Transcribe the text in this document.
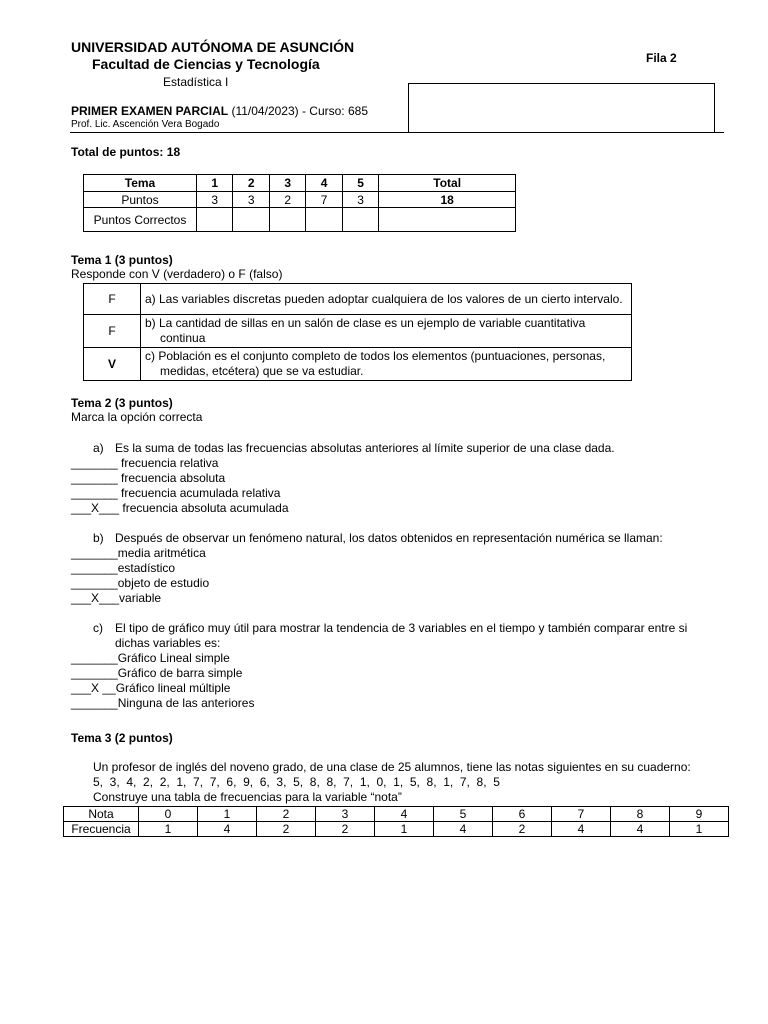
UNIVERSIDAD AUTÓNOMA DE ASUNCIÓN
Facultad de Ciencias y Tecnología
Estadística I
Fila 2
PRIMER EXAMEN PARCIAL (11/04/2023) - Curso: 685
Prof. Lic. Ascención Vera Bogado
Total de puntos: 18
Tema	1	2	3	4	5	Total
Puntos	3	3	2	7	3	18
Puntos Correctos						
Tema 1 (3 puntos)
Responde con V (verdadero) o F (falso)
F	a) Las variables discretas pueden adoptar cualquiera de los valores de un cierto intervalo.

F	b) La cantidad de sillas en un salón de clase es un ejemplo de variable cuantitativa continua

V	c) Población es el conjunto completo de todos los elementos (puntuaciones, personas, medidas, etcétera) que se va estudiar.
Tema 2 (3 puntos)
Marca la opción correcta
a) Es la suma de todas las frecuencias absolutas anteriores al límite superior de una clase dada.
_______ frecuencia relativa
_______ frecuencia absoluta
_______ frecuencia acumulada relativa
___X___ frecuencia absoluta acumulada
b) Después de observar un fenómeno natural, los datos obtenidos en representación numérica se llaman:
_______media aritmética
_______estadístico
_______objeto de estudio
___X___variable
c) El tipo de gráfico muy útil para mostrar la tendencia de 3 variables en el tiempo y también comparar entre si dichas variables es:
_______Gráfico Lineal simple
_______Gráfico de barra simple
___X __Gráfico lineal múltiple
_______Ninguna de las anteriores
Tema 3 (2 puntos)
Un profesor de inglés del noveno grado, de una clase de 25 alumnos, tiene las notas siguientes en su cuaderno:
5,  3,  4,  2,  2,  1,  7,  7,  6,  9,  6,  3,  5,  8,  8,  7,  1,  0,  1,  5,  8,  1,  7,  8,  5
Construye una tabla de frecuencias para la variable “nota”
Nota	0	1	2	3	4	5	6	7	8	9
Frecuencia	1	4	2	2	1	4	2	4	4	1
